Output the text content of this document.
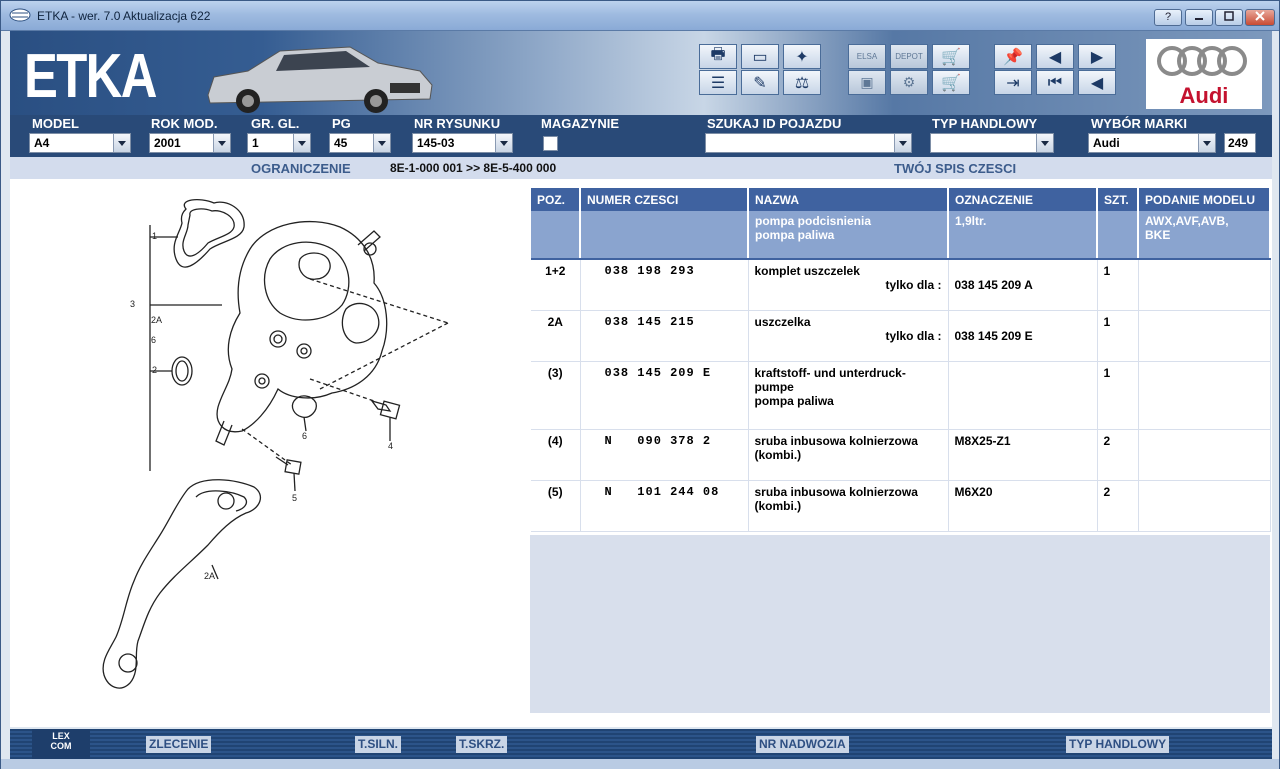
ETKA - wer. 7.0 Aktualizacja 622	?
ETKA	🖶	▭	✦
☰	✎	⚖
ELSA	DEPOT	🛒
▣	⚙	🛒
📌	◀	▶
⇥	⏮	◀	Audi
MODEL
A4
ROK MOD.
2001
GR. GL.
1
PG
45
NR RYSUNKU
145-03
MAGAZYNIE	SZUKAJ ID POJAZDU	TYP HANDLOWY	WYBÓR MARKI
Audi	249
OGRANICZENIE	8E-1-000 001 >> 8E-5-400 000	TWÓJ SPIS CZESCI
1
2
3
2A
6
4
5
6
2A
POZ.	NUMER CZESCI	NAZWA	OZNACZENIE	SZT.	PODANIE MODELU
		pompa podcisnienia
pompa paliwa	1,9ltr.		AWX,AVF,AVB,
BKE
1+2	038 198 293	komplet uszczelek
tylko dla :	038 145 209 A	1	
2A	038 145 215	uszczelka
tylko dla :	038 145 209 E	1	
(3)	038 145 209 E	kraftstoff- und unterdruck-
pumpe
pompa paliwa		1	
(4)	N   090 378 2	sruba inbusowa kolnierzowa
(kombi.)	M8X25-Z1	2	
(5)	N   101 244 08	sruba inbusowa kolnierzowa
(kombi.)	M6X20	2	
LEX
COM	ZLECENIE	T.SILN.	T.SKRZ.	NR NADWOZIA	TYP HANDLOWY
